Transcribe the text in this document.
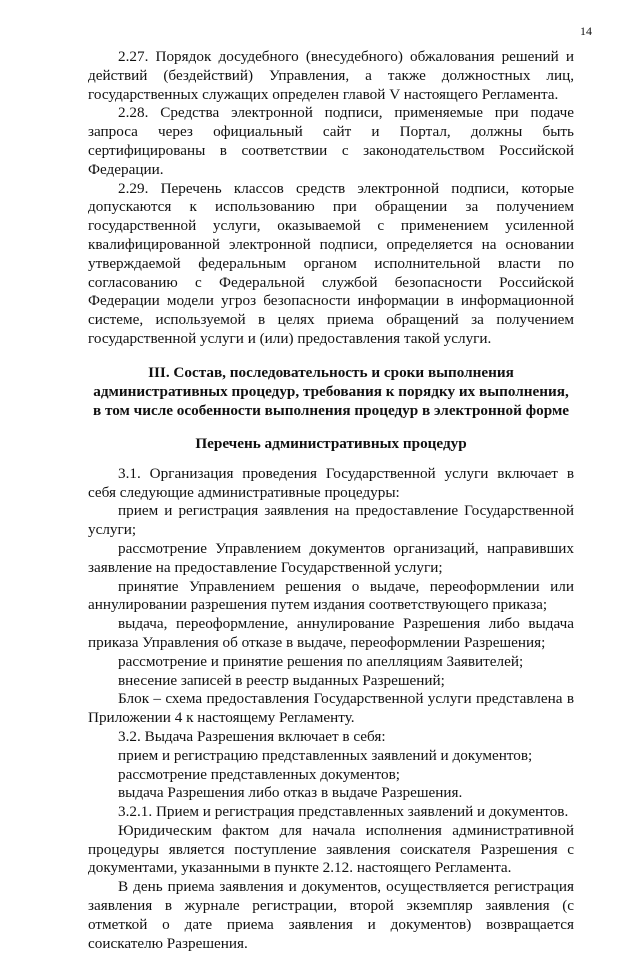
14

2.27. Порядок досудебного (внесудебного) обжалования решений и действий (бездействий) Управления, а также должностных лиц, государственных служащих определен главой V настоящего Регламента.

2.28. Средства электронной подписи, применяемые при подаче запроса через официальный сайт и Портал, должны быть сертифицированы в соответствии с законодательством Российской Федерации.

2.29. Перечень классов средств электронной подписи, которые допускаются к использованию при обращении за получением государственной услуги, оказываемой с применением усиленной квалифицированной электронной подписи, определяется на основании утверждаемой федеральным органом исполнительной власти по согласованию с Федеральной службой безопасности Российской Федерации модели угроз безопасности информации в информационной системе, используемой в целях приема обращений за получением государственной услуги и (или) предоставления такой услуги.

III. Состав, последовательность и сроки выполнения административных процедур, требования к порядку их выполнения, в том числе особенности выполнения процедур в электронной форме
Перечень административных процедур

3.1. Организация проведения Государственной услуги включает в себя следующие административные процедуры:

прием и регистрация заявления на предоставление Государственной услуги;

рассмотрение Управлением документов организаций, направивших заявление на предоставление Государственной услуги;

принятие Управлением решения о выдаче, переоформлении или аннулировании разрешения путем издания соответствующего приказа;

выдача, переоформление, аннулирование Разрешения либо выдача приказа Управления об отказе в выдаче, переоформлении Разрешения;

рассмотрение и принятие решения по апелляциям Заявителей;

внесение записей в реестр выданных Разрешений;

Блок – схема предоставления Государственной услуги представлена в Приложении 4 к настоящему Регламенту.

3.2. Выдача Разрешения включает в себя:

прием и регистрацию представленных заявлений и документов;

рассмотрение представленных документов;

выдача Разрешения либо отказ в выдаче Разрешения.

3.2.1. Прием и регистрация представленных заявлений и документов.

Юридическим фактом для начала исполнения административной процедуры является поступление заявления соискателя Разрешения с документами, указанными в пункте 2.12. настоящего Регламента.

В день приема заявления и документов, осуществляется регистрация заявления в журнале регистрации, второй экземпляр заявления (с отметкой о дате приема заявления и документов) возвращается соискателю Разрешения.
